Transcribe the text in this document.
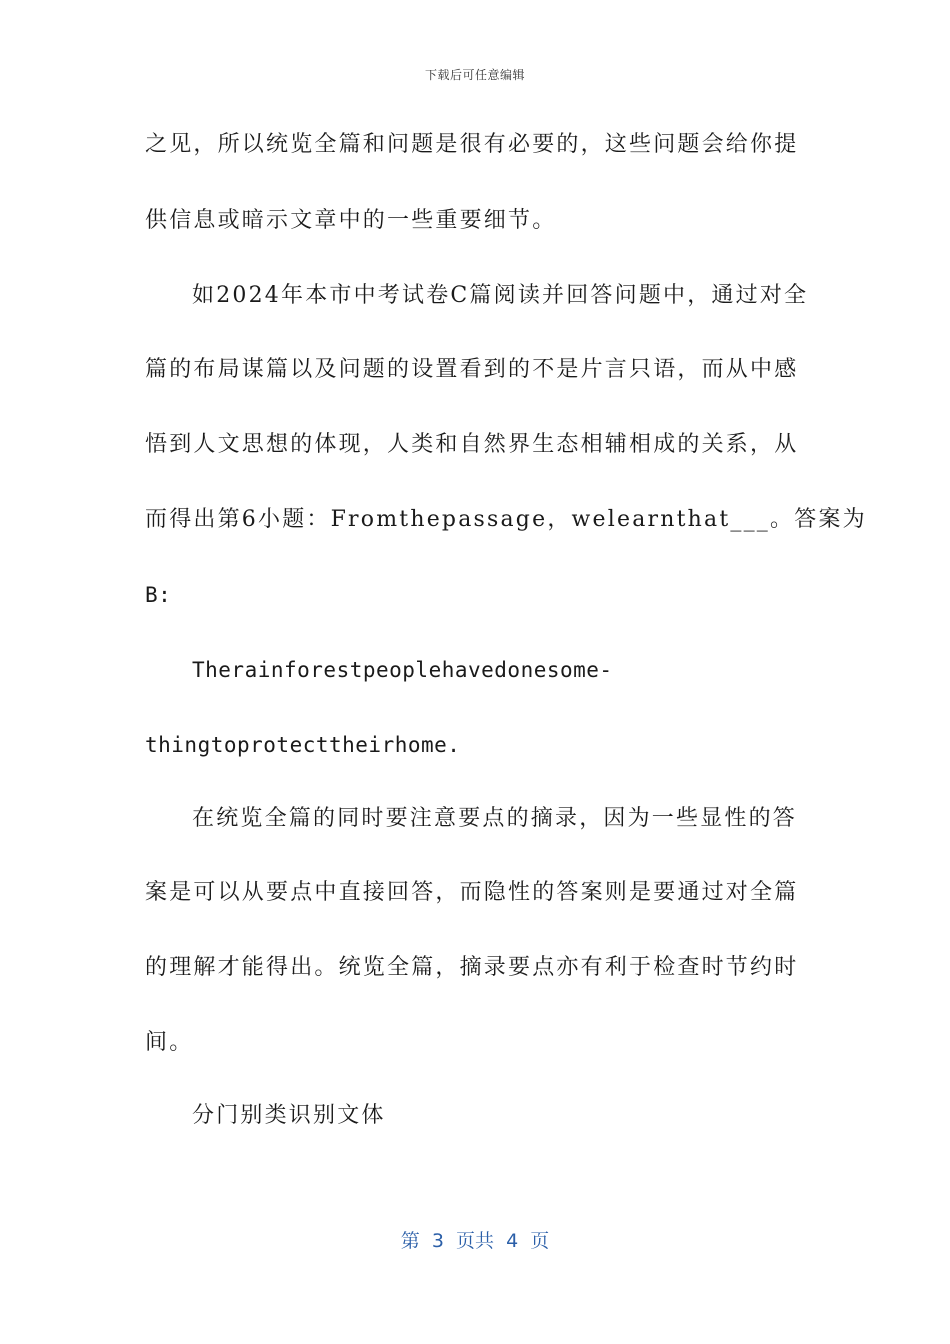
下载后可任意编辑
之见，所以统览全篇和问题是很有必要的，这些问题会给你提
供信息或暗示文章中的一些重要细节。
如2024年本市中考试卷C篇阅读并回答问题中，通过对全
篇的布局谋篇以及问题的设置看到的不是片言只语，而从中感
悟到人文思想的体现，人类和自然界生态相辅相成的关系，从
而得出第6小题：Fromthepassage，welearnthat___。答案为
B:
Therainforestpeoplehavedonesome-
thingtoprotecttheirhome.
在统览全篇的同时要注意要点的摘录，因为一些显性的答
案是可以从要点中直接回答，而隐性的答案则是要通过对全篇
的理解才能得出。统览全篇，摘录要点亦有利于检查时节约时
间。
分门别类识别文体
第  3  页共  4  页
